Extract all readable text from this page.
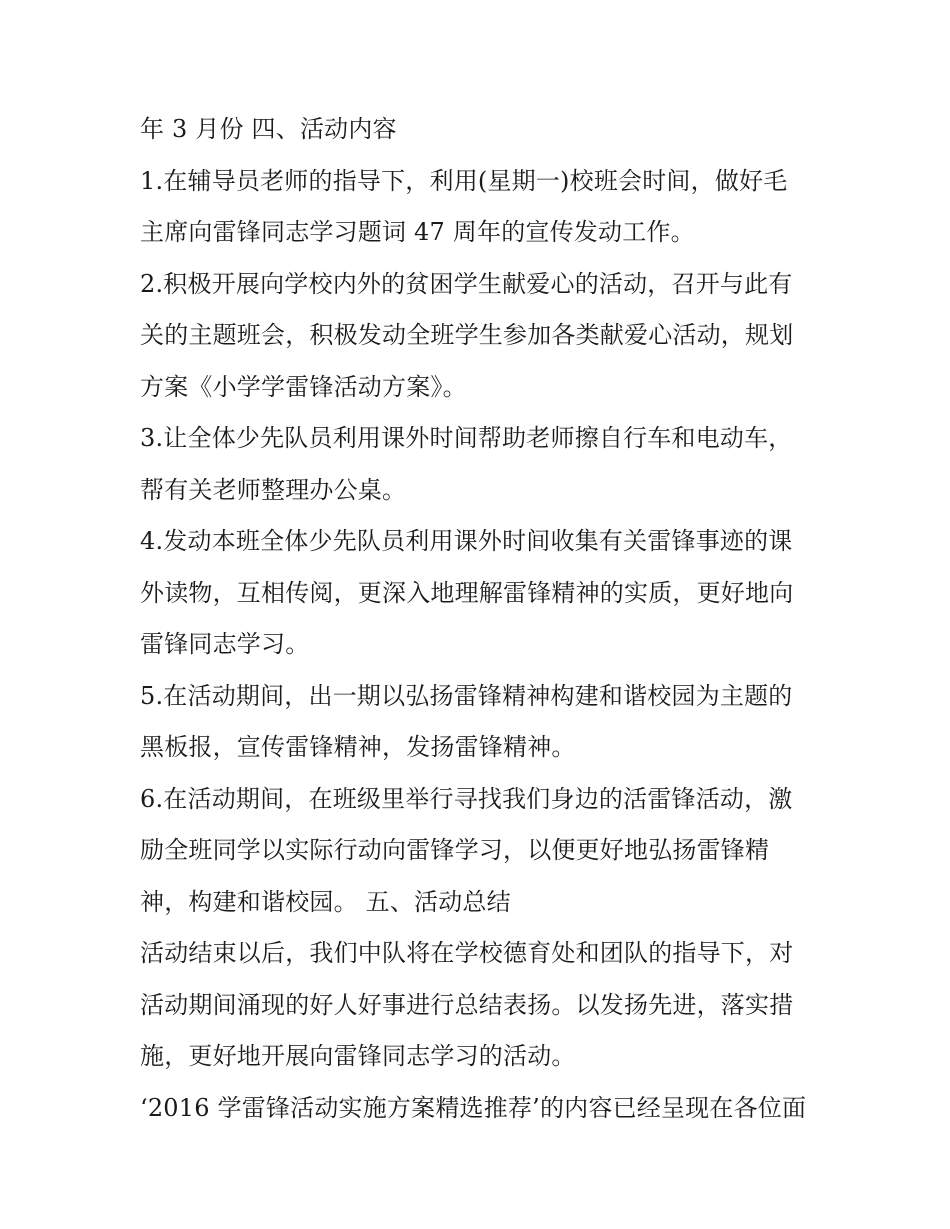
年 3 月份 四、活动内容
1.在辅导员老师的指导下，利用(星期一)校班会时间，做好毛
主席向雷锋同志学习题词 47 周年的宣传发动工作。
2.积极开展向学校内外的贫困学生献爱心的活动，召开与此有
关的主题班会，积极发动全班学生参加各类献爱心活动，规划
方案《小学学雷锋活动方案》。
3.让全体少先队员利用课外时间帮助老师擦自行车和电动车，
帮有关老师整理办公桌。
4.发动本班全体少先队员利用课外时间收集有关雷锋事迹的课
外读物，互相传阅，更深入地理解雷锋精神的实质，更好地向
雷锋同志学习。
5.在活动期间，出一期以弘扬雷锋精神构建和谐校园为主题的
黑板报，宣传雷锋精神，发扬雷锋精神。
6.在活动期间，在班级里举行寻找我们身边的活雷锋活动，激
励全班同学以实际行动向雷锋学习，以便更好地弘扬雷锋精
神，构建和谐校园。 五、活动总结
活动结束以后，我们中队将在学校德育处和团队的指导下，对
活动期间涌现的好人好事进行总结表扬。以发扬先进，落实措
施，更好地开展向雷锋同志学习的活动。
‘2016 学雷锋活动实施方案精选推荐’的内容已经呈现在各位面
